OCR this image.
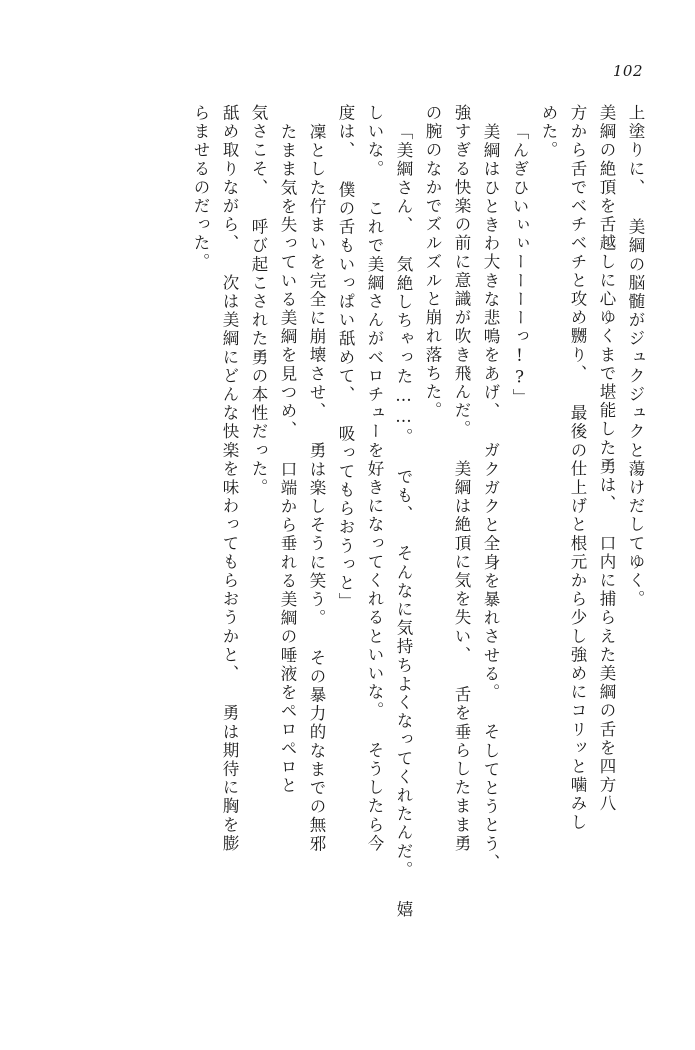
102
上塗りに、 美綱の脳髄がジュクジュクと蕩けだしてゆく。
美綱の絶頂を舌越しに心ゆくまで堪能した勇は、 口内に捕らえた美綱の舌を四方八
方から舌でベチベチと攻め嬲り、 最後の仕上げと根元から少し強めにコリッと噛みし
めた。
「んぎひいぃぃーーーーっ!?」
美綱はひときわ大きな悲鳴をあげ、 ガクガクと全身を暴れさせる。 そしてとうとう、
強すぎる快楽の前に意識が吹き飛んだ。 美綱は絶頂に気を失い、 舌を垂らしたまま勇
の腕のなかでズルズルと崩れ落ちた。
「美綱さん、 気絶しちゃった……。 でも、 そんなに気持ちよくなってくれたんだ。 嬉
しいな。 これで美綱さんがベロチューを好きになってくれるといいな。 そうしたら今
度は、 僕の舌もいっぱい舐めて、 吸ってもらおうっと」
凜とした佇まいを完全に崩壊させ、 勇は楽しそうに笑う。 その暴力的なまでの無邪
たまま気を失っている美綱を見つめ、 口端から垂れる美綱の唾液をペロペロと
気さこそ、 呼び起こされた勇の本性だった。
舐め取りながら、 次は美綱にどんな快楽を味わってもらおうかと、 勇は期待に胸を膨
らませるのだった。
